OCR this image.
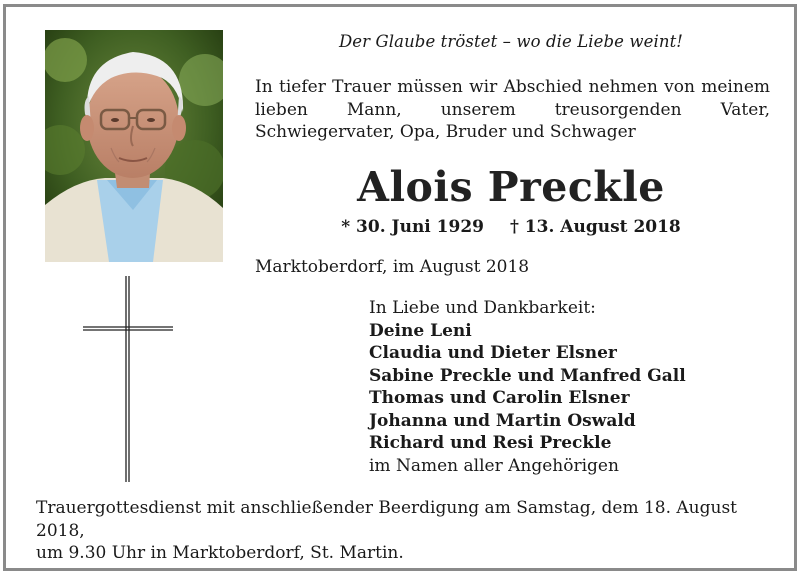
Der Glaube tröstet – wo die Liebe weint!
In tiefer Trauer müssen wir Abschied nehmen von meinem lieben Mann, unserem treusorgenden Vater, Schwiegervater, Opa, Bruder und Schwager
Alois Preckle
* 30. Juni 1929 † 13. August 2018
Marktoberdorf, im August 2018
In Liebe und Dankbarkeit:
Deine Leni
Claudia und Dieter Elsner
Sabine Preckle und Manfred Gall
Thomas und Carolin Elsner
Johanna und Martin Oswald
Richard und Resi Preckle
im Namen aller Angehörigen
Trauergottesdienst mit anschließender Beerdigung am Samstag, dem 18. August 2018,
um 9.30 Uhr in Marktoberdorf, St. Martin.
